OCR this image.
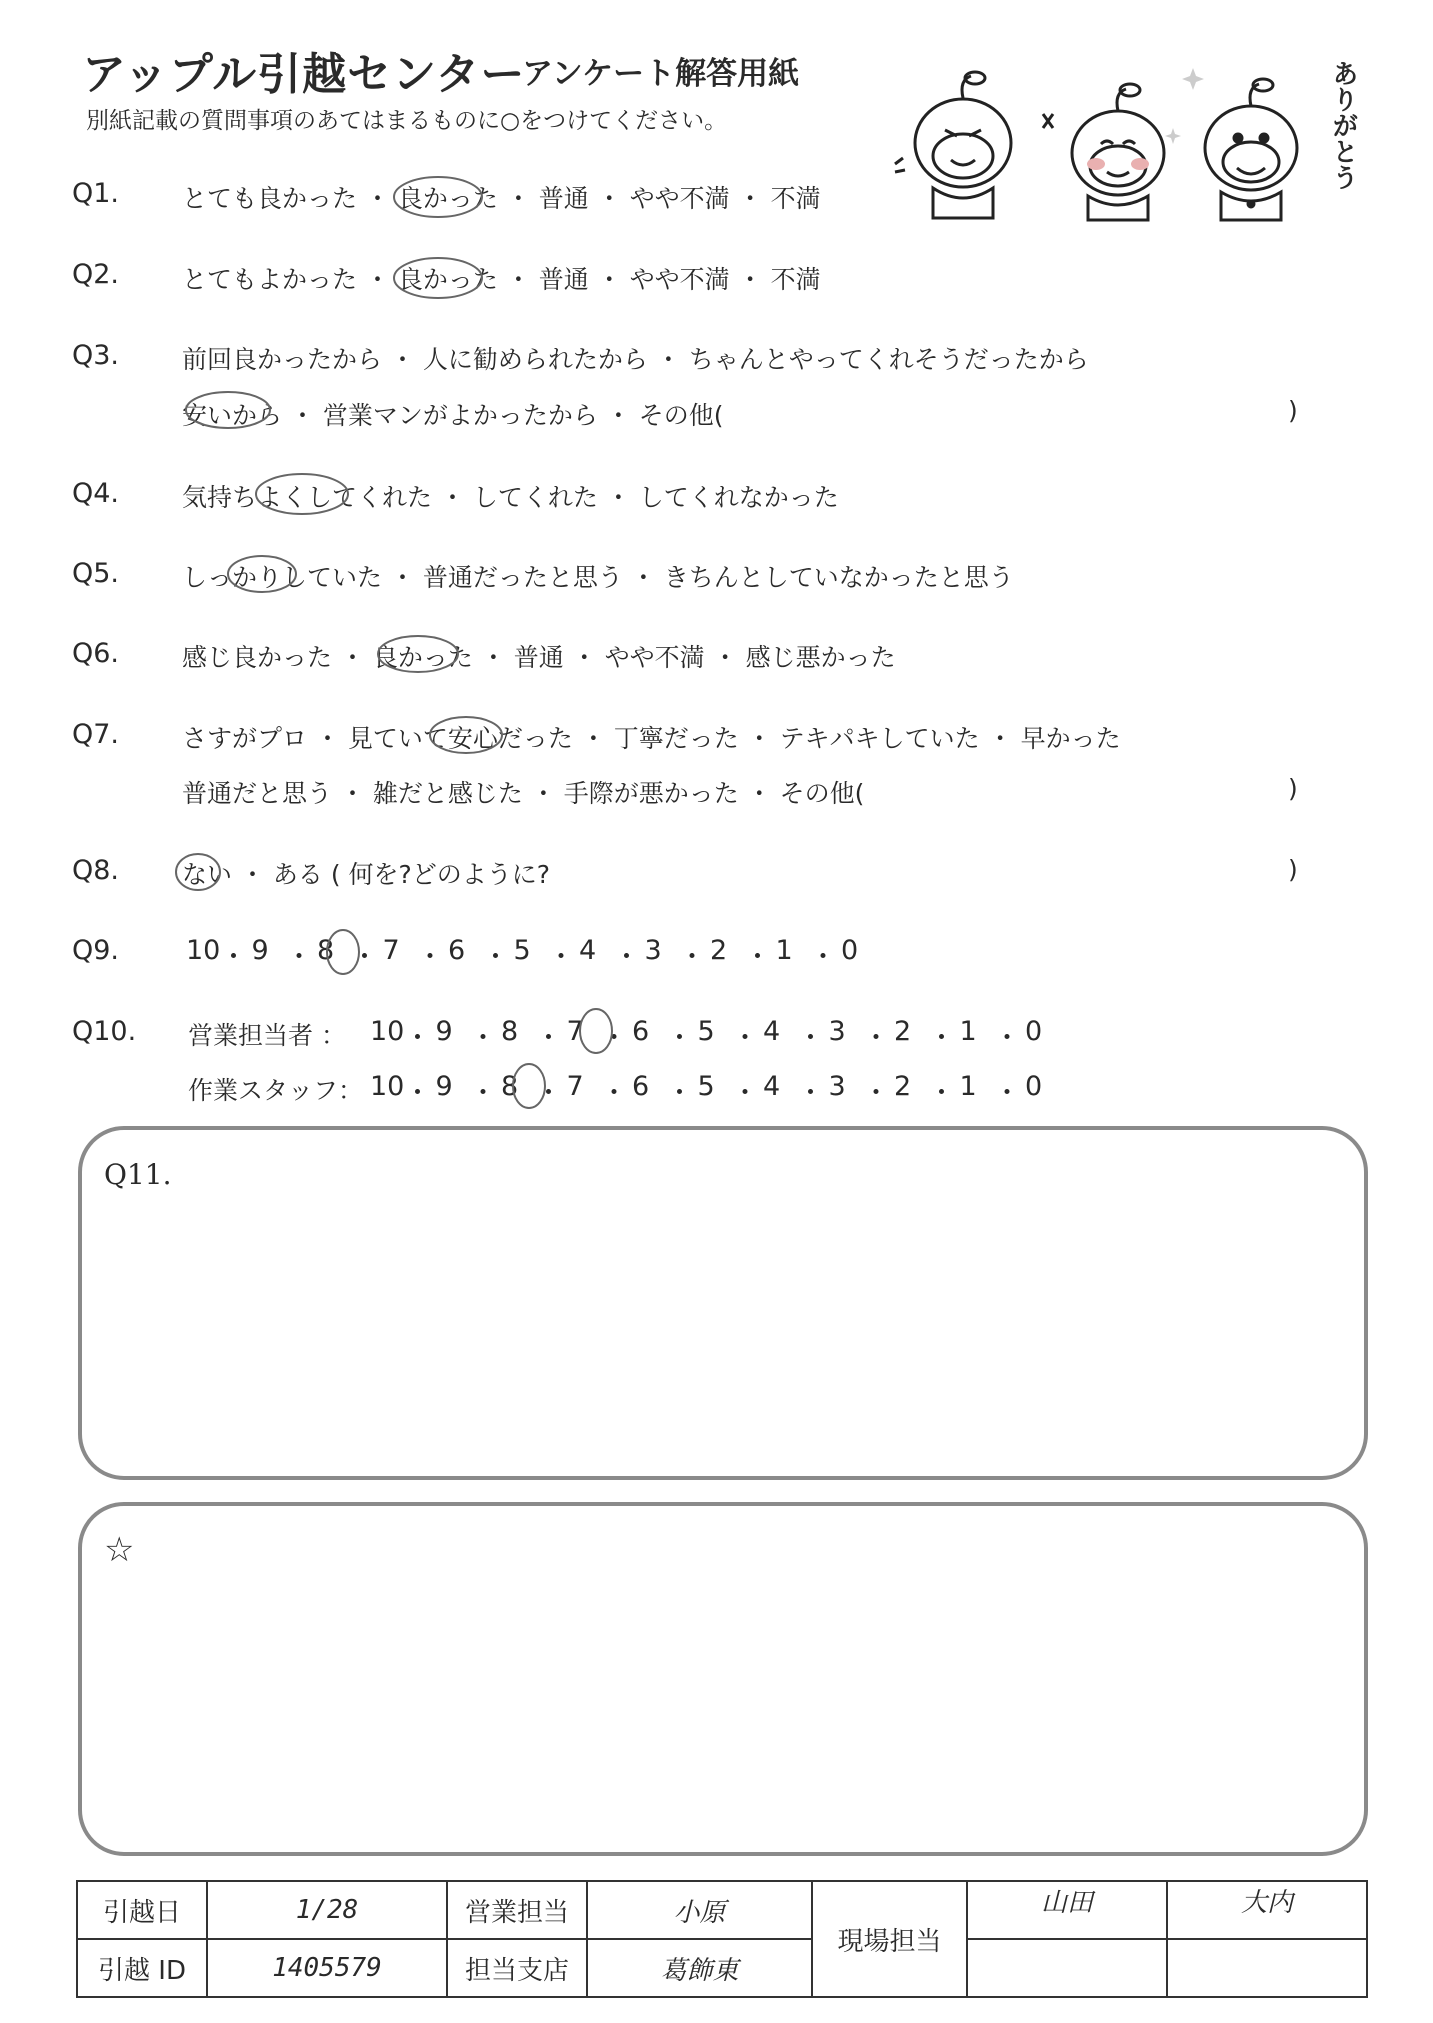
アップル引越センター
アンケート解答用紙
別紙記載の質問事項のあてはまるものに○をつけてください。	ありがとう
Q1.	とても良かった ・ 良かった ・ 普通 ・ やや不満 ・ 不満
Q2.	とてもよかった ・ 良かった ・ 普通 ・ やや不満 ・ 不満
Q3.	前回良かったから ・ 人に勧められたから ・ ちゃんとやってくれそうだったから
安いから ・ 営業マンがよかったから ・ その他(	)
Q4.	気持ちよくしてくれた ・ してくれた ・ してくれなかった
Q5.	しっかりしていた ・ 普通だったと思う ・ きちんとしていなかったと思う
Q6.	感じ良かった ・ 良かった ・ 普通 ・ やや不満 ・ 感じ悪かった
Q7.	さすがプロ ・ 見ていて安心だった ・ 丁寧だった ・ テキパキしていた ・ 早かった
普通だと思う ・ 雑だと感じた ・ 手際が悪かった ・ その他(	)
Q8.	ない ・ ある ( 何を?どのように?	)
Q9. 10 ・ 9 ・ 8 ・ 7 ・ 6 ・ 5 ・ 4 ・ 3 ・ 2 ・ 1 ・ 0
Q10. 営業担当者 ： 10 ・ 9 ・ 8 ・ 7 ・ 6 ・ 5 ・ 4 ・ 3 ・ 2 ・ 1 ・ 0
作業スタッフ： 10 ・ 9 ・ 8 ・ 7 ・ 6 ・ 5 ・ 4 ・ 3 ・ 2 ・ 1 ・ 0
Q11.
☆
引越日	1/28	営業担当	小原	現場担当	山田	大内
引越 ID	1405579	担当支店	葛飾東			
